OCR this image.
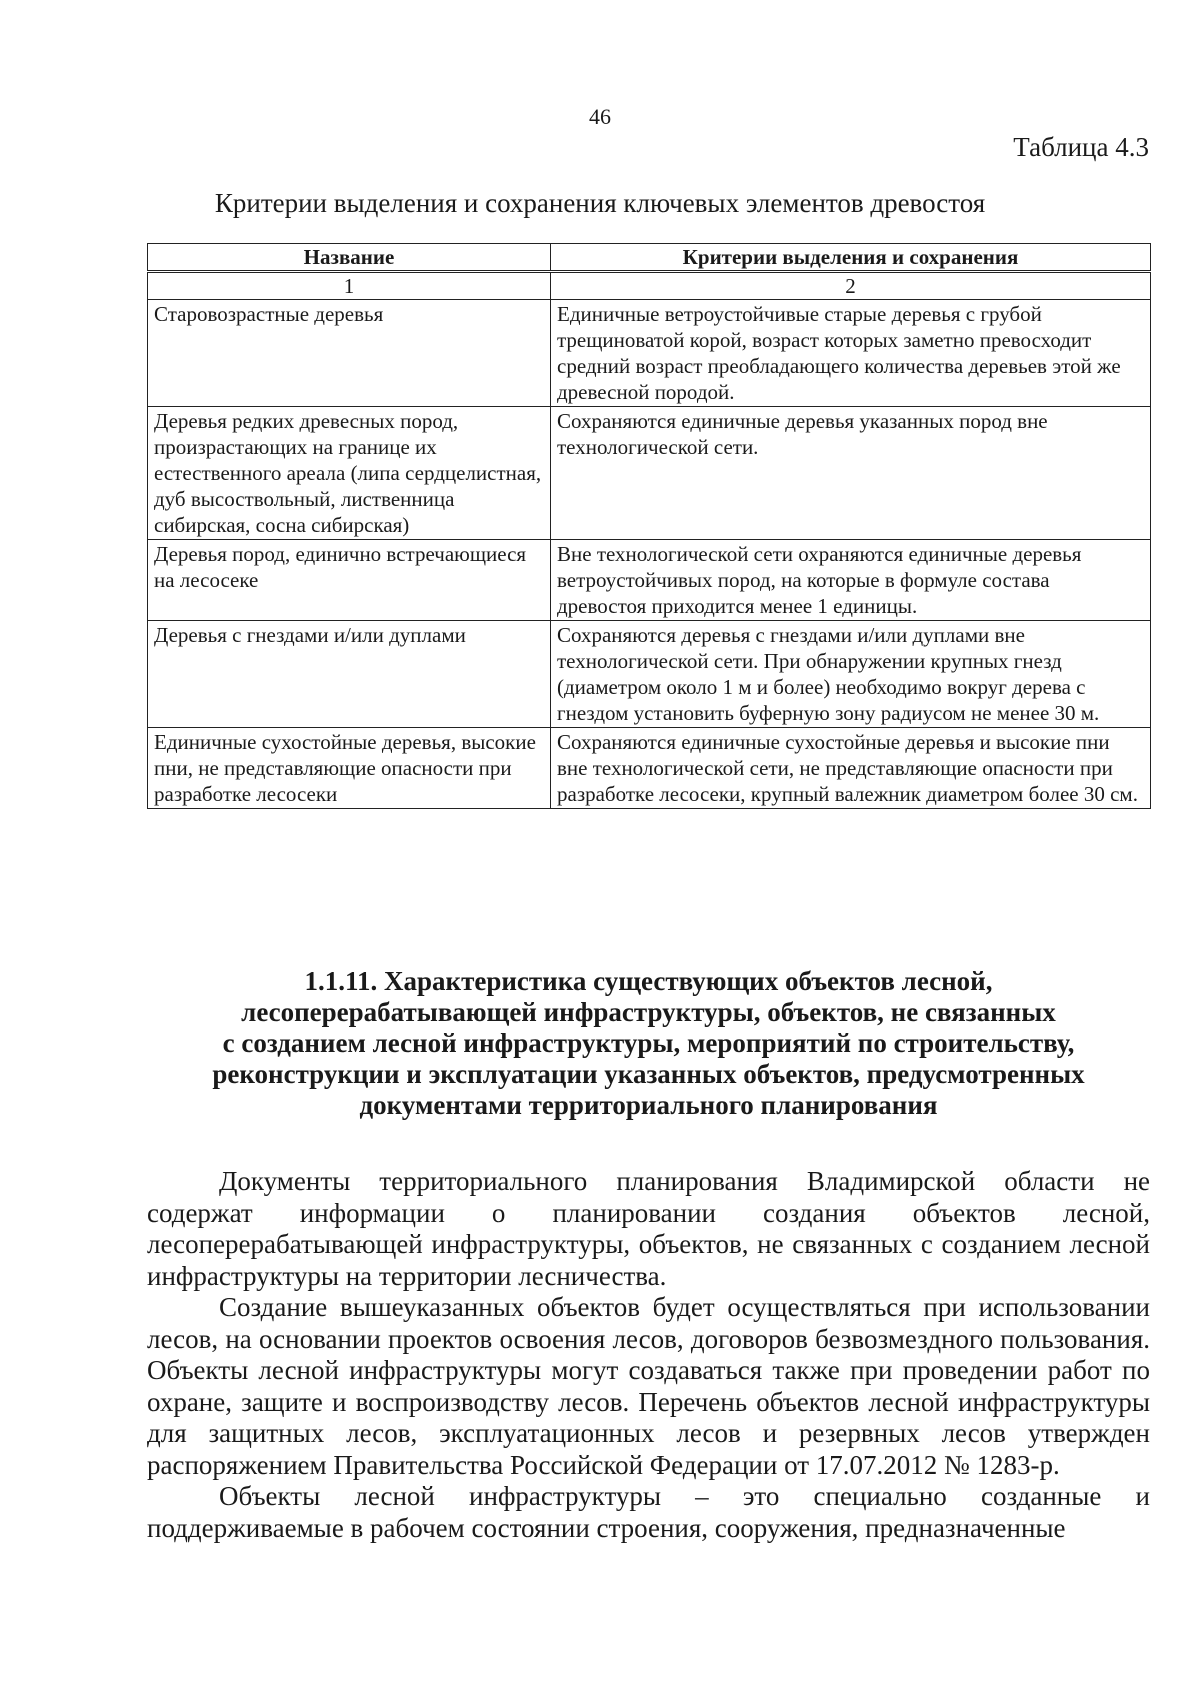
46
Таблица 4.3
Критерии выделения и сохранения ключевых элементов древостоя
Название	Критерии выделения и сохранения
1	2
Старовозрастные деревья	Единичные ветроустойчивые старые деревья с грубой трещиноватой корой, возраст которых заметно превосходит средний возраст преобладающего количества деревьев этой же древесной породой.
Деревья редких древесных пород, произрастающих на границе их естественного ареала (липа сердцелистная, дуб высоствольный, лиственница сибирская, сосна сибирская)	Сохраняются единичные деревья указанных пород вне технологической сети.
Деревья пород, единично встречающиеся на лесосеке	Вне технологической сети охраняются единичные деревья ветроустойчивых пород, на которые в формуле состава древостоя приходится менее 1 единицы.
Деревья с гнездами и/или дуплами	Сохраняются деревья с гнездами и/или дуплами вне технологической сети. При обнаружении крупных гнезд (диаметром около 1 м и более) необходимо вокруг дерева с гнездом установить буферную зону радиусом не менее 30 м.
Единичные сухостойные деревья, высокие пни, не представляющие опасности при разработке лесосеки	Сохраняются единичные сухостойные деревья и высокие пни вне технологической сети, не представляющие опасности при разработке лесосеки, крупный валежник диаметром более 30 см.
1.1.11. Характеристика существующих объектов лесной,
лесоперерабатывающей инфраструктуры, объектов, не связанных
с созданием лесной инфраструктуры, мероприятий по строительству,
реконструкции и эксплуатации указанных объектов, предусмотренных
документами территориального планирования

Документы территориального планирования Владимирской области не содержат информации о планировании создания объектов лесной, лесоперерабатывающей инфраструктуры, объектов, не связанных с созданием лесной инфраструктуры на территории лесничества.

Создание вышеуказанных объектов будет осуществляться при использовании лесов, на основании проектов освоения лесов, договоров безвозмездного пользования. Объекты лесной инфраструктуры могут создаваться также при проведении работ по охране, защите и воспроизводству лесов. Перечень объектов лесной инфраструктуры для защитных лесов, эксплуатационных лесов и резервных лесов утвержден распоряжением Правительства Российской Федерации от 17.07.2012 № 1283-р.

Объекты лесной инфраструктуры – это специально созданные и поддерживаемые в рабочем состоянии строения, сооружения, предназначенные
